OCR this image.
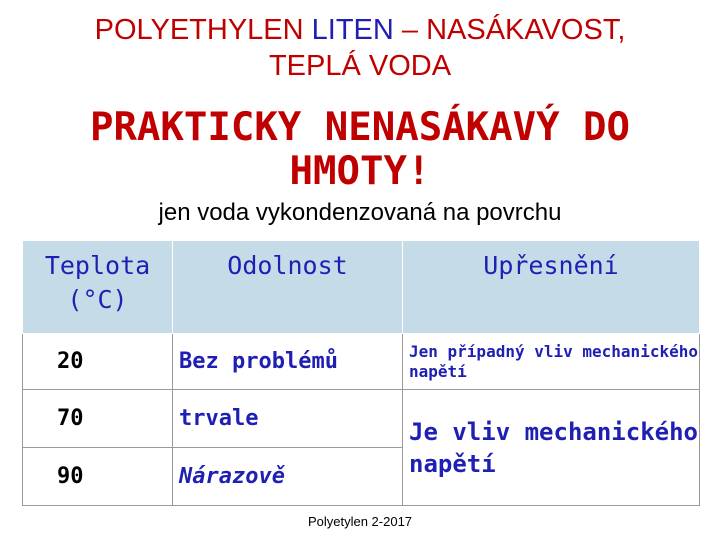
POLYETHYLEN LITEN – NASÁKAVOST,
TEPLÁ VODA
PRAKTICKY NENASÁKAVÝ DO
HMOTY!
jen voda vykondenzovaná na povrchu
Teplota (°C)	Odolnost	Upřesnění
20	Bez problémů	Jen případný vliv mechanického napětí
70	trvale	Je vliv mechanického napětí
90	Nárazově	
Polyetylen 2-2017
